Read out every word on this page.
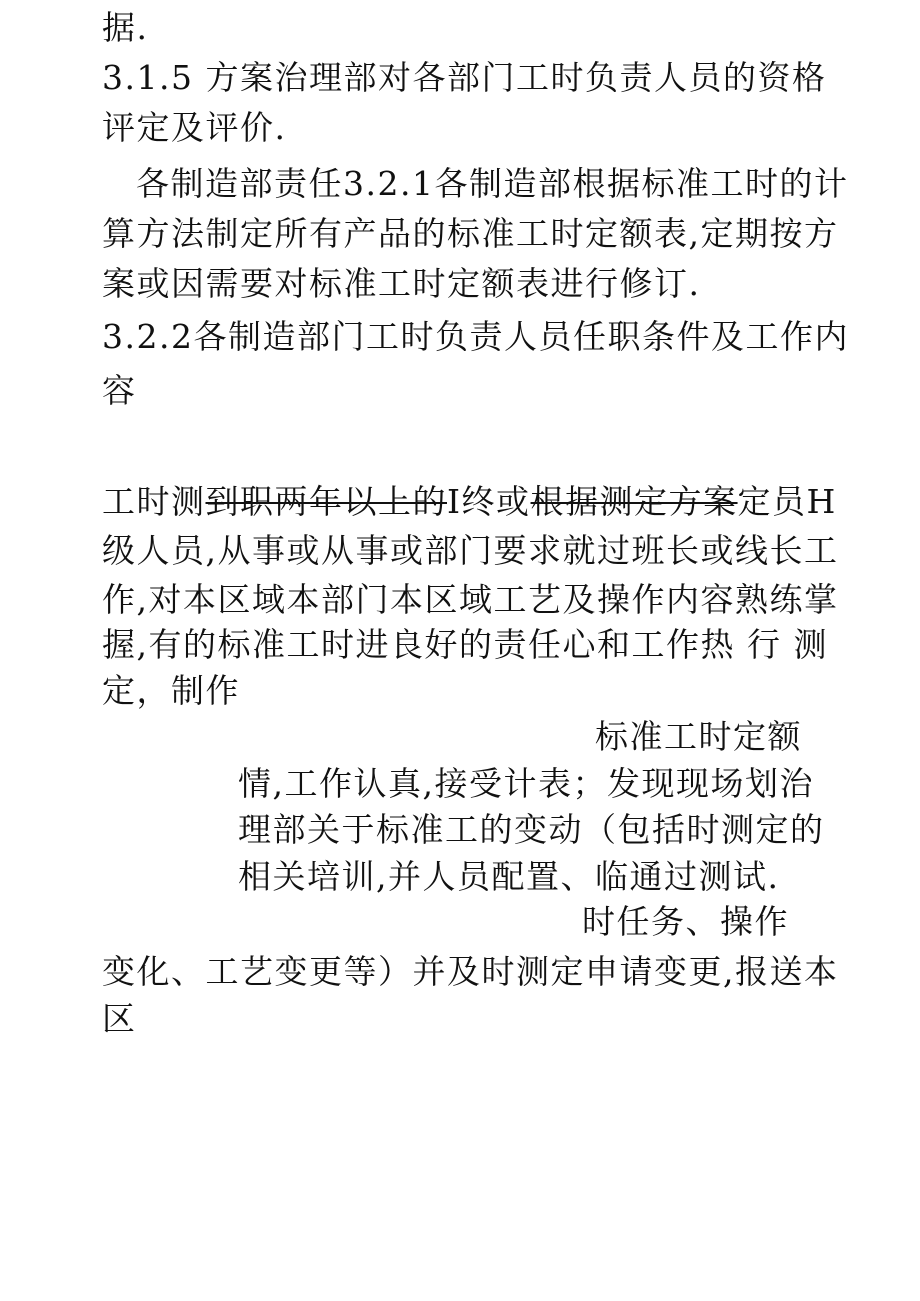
据.
3.1.5 方案治理部对各部门工时负责人员的资格
评定及评价.
各制造部责任3.2.1各制造部根据标准工时的计
算方法制定所有产品的标准工时定额表,定期按方
案或因需要对标准工时定额表进行修订.
3.2.2各制造部门工时负责人员任职条件及工作内
容
工时测到职两年以上的I终或根据测定方案定员H
级人员,从事或从事或部门要求就过班长或线长工
作,对本区域本部门本区域工艺及操作内容熟练掌
握,有的标准工时进良好的责任心和工作热 行 测
定，制作
标准工时定额
情,工作认真,接受计表；发现现场划治
理部关于标准工的变动（包括时测定的
相关培训,并人员配置、临通过测试.
时任务、操作
变化、工艺变更等）并及时测定申请变更,报送本
区
